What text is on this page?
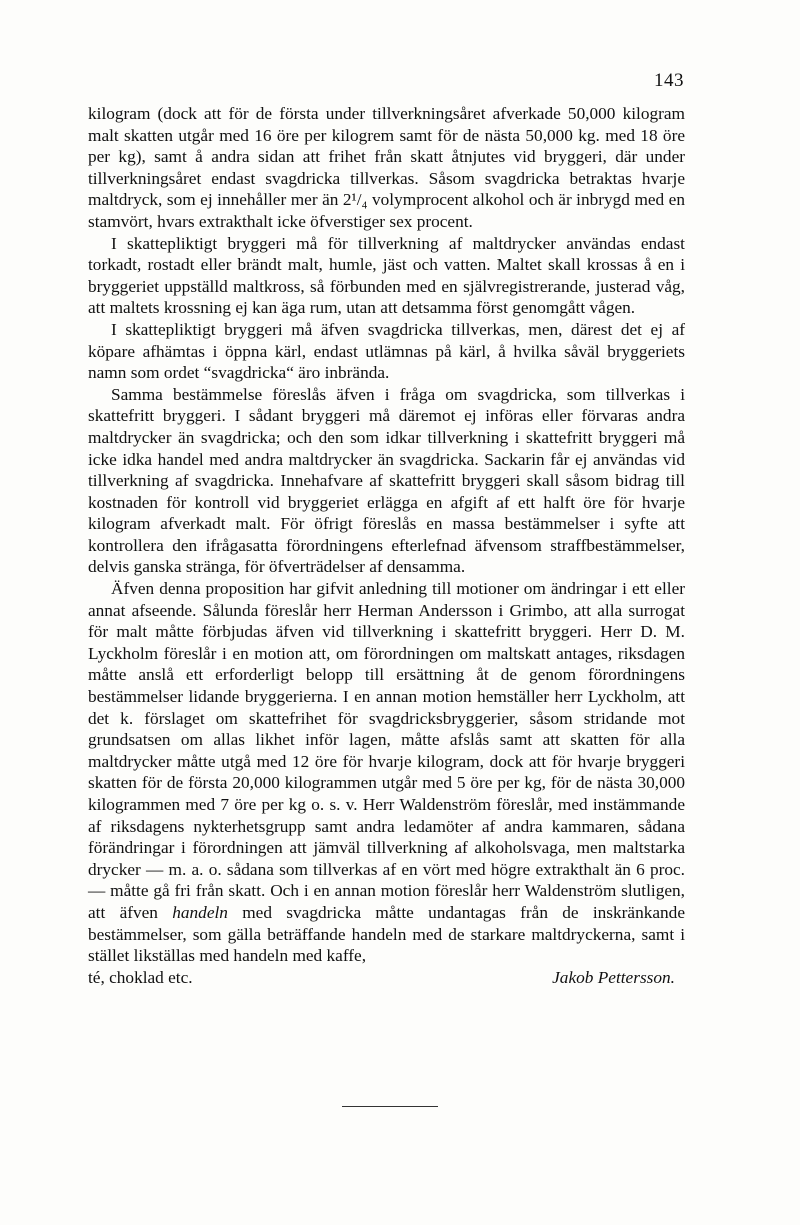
143

kilogram (dock att för de första under tillverkningsåret afverkade 50,000 kilogram malt skatten utgår med 16 öre per kilogrem samt för de nästa 50,000 kg. med 18 öre per kg), samt å andra sidan att frihet från skatt åtnjutes vid bryggeri, där under tillverkningsåret endast svagdricka tillverkas. Såsom svagdricka betraktas hvarje maltdryck, som ej innehåller mer än 2¹/₄ volymprocent alkohol och är inbrygd med en stamvört, hvars extrakthalt icke öfverstiger sex procent.

I skattepliktigt bryggeri må för tillverkning af maltdrycker användas endast torkadt, rostadt eller brändt malt, humle, jäst och vatten. Maltet skall krossas å en i bryggeriet uppställd maltkross, så förbunden med en självregistrerande, justerad våg, att maltets krossning ej kan äga rum, utan att detsamma först genomgått vågen.

I skattepliktigt bryggeri må äfven svagdricka tillverkas, men, därest det ej af köpare afhämtas i öppna kärl, endast utlämnas på kärl, å hvilka såväl bryggeriets namn som ordet “svagdricka“ äro inbrända.

Samma bestämmelse föreslås äfven i fråga om svagdricka, som tillverkas i skattefritt bryggeri. I sådant bryggeri må däremot ej införas eller förvaras andra maltdrycker än svagdricka; och den som idkar tillverkning i skattefritt bryggeri må icke idka handel med andra maltdrycker än svagdricka. Sackarin får ej användas vid tillverkning af svagdricka. Innehafvare af skattefritt bryggeri skall såsom bidrag till kostnaden för kontroll vid bryggeriet erlägga en afgift af ett halft öre för hvarje kilogram afverkadt malt. För öfrigt föreslås en massa bestämmelser i syfte att kontrollera den ifrågasatta förordningens efterlefnad äfvensom straffbestämmelser, delvis ganska stränga, för öfverträdelser af densamma.

Äfven denna proposition har gifvit anledning till motioner om ändringar i ett eller annat afseende. Sålunda föreslår herr Herman Andersson i Grimbo, att alla surrogat för malt måtte förbjudas äfven vid tillverkning i skattefritt bryggeri. Herr D. M. Lyckholm föreslår i en motion att, om förordningen om maltskatt antages, riksdagen måtte anslå ett erforderligt belopp till ersättning åt de genom förordningens bestämmelser lidande bryggerierna. I en annan motion hemställer herr Lyckholm, att det k. förslaget om skattefrihet för svagdricksbryggerier, såsom stridande mot grundsatsen om allas likhet inför lagen, måtte afslås samt att skatten för alla maltdrycker måtte utgå med 12 öre för hvarje kilogram, dock att för hvarje bryggeri skatten för de första 20,000 kilogrammen utgår med 5 öre per kg, för de nästa 30,000 kilogrammen med 7 öre per kg o. s. v. Herr Waldenström föreslår, med instämmande af riksdagens nykterhetsgrupp samt andra ledamöter af andra kammaren, sådana förändringar i förordningen att jämväl tillverkning af alkoholsvaga, men maltstarka drycker — m. a. o. sådana som tillverkas af en vört med högre extrakthalt än 6 proc. — måtte gå fri från skatt. Och i en annan motion föreslår herr Waldenström slutligen, att äfven handeln med svagdricka måtte undantagas från de inskränkande bestämmelser, som gälla beträffande handeln med de starkare maltdryckerna, samt i stället likställas med handeln med kaffe,

té, choklad etc.	Jakob Pettersson.
